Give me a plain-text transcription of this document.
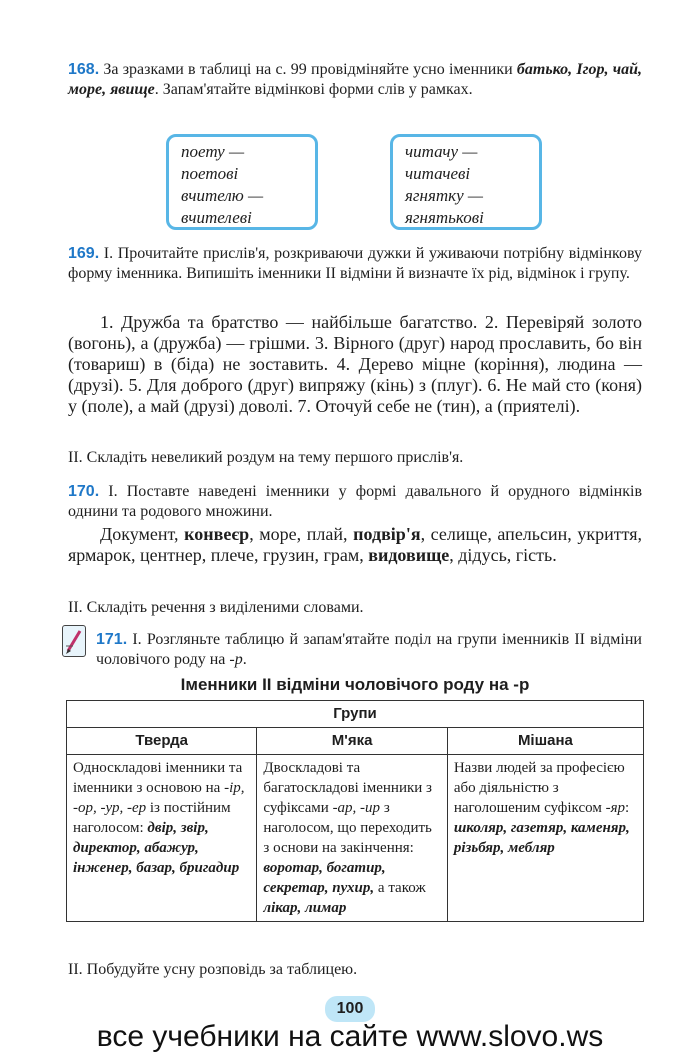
168. За зразками в таблиці на с. 99 провідміняйте усно іменники батько, Ігор, чай, море, явище. Запам'ятайте відмінкові форми слів у рамках.
поету —
поетові
вчителю —
вчителеві
читачу —
читачеві
ягнятку —
ягнятькові
169. І. Прочитайте прислів'я, розкриваючи дужки й уживаючи потрібну відмінкову форму іменника. Випишіть іменники II відміни й визначте їх рід, відмінок і групу.
1. Дружба та братство — найбільше багатство. 2. Перевіряй золото (вогонь), а (дружба) — грішми. 3. Вірного (друг) народ прославить, бо він (товариш) в (біда) не зоставить. 4. Дерево міцне (коріння), людина — (друзі). 5. Для доброго (друг) випряжу (кінь) з (плуг). 6. Не май сто (коня) у (поле), а май (друзі) доволі. 7. Оточуй себе не (тин), а (приятелі).
II. Складіть невеликий роздум на тему першого прислів'я.
170. І. Поставте наведені іменники у формі давального й орудного відмінків однини та родового множини.
Документ, конвеєр, море, плай, подвір'я, селище, апельсин, укриття, ярмарок, центнер, плече, грузин, грам, видовище, дідусь, гість.
II. Складіть речення з виділеними словами.
171. І. Розгляньте таблицю й запам'ятайте поділ на групи іменників II відміни чоловічого роду на -р.
Іменники II відміни чоловічого роду на -р
Групи		
Тверда	М'яка	Мішана
Односкладові іменники та іменники з основою на -ір, -ор, -ур, -ер із постійним наголосом: двір, звір, директор, абажур, інженер, базар, бригадир	Двоскладові та багатоскладові іменники з суфіксами -ар, -ир з наголосом, що переходить з основи на закінчення: воротар, богатир, секретар, пухир, а також лікар, лимар	Назви людей за професією або діяльністю з наголошеним суфіксом -яр: школяр, газетяр, каменяр, різьбяр, мебляр
II. Побудуйте усну розповідь за таблицею.
100
все учебники на сайте www.slovo.ws
